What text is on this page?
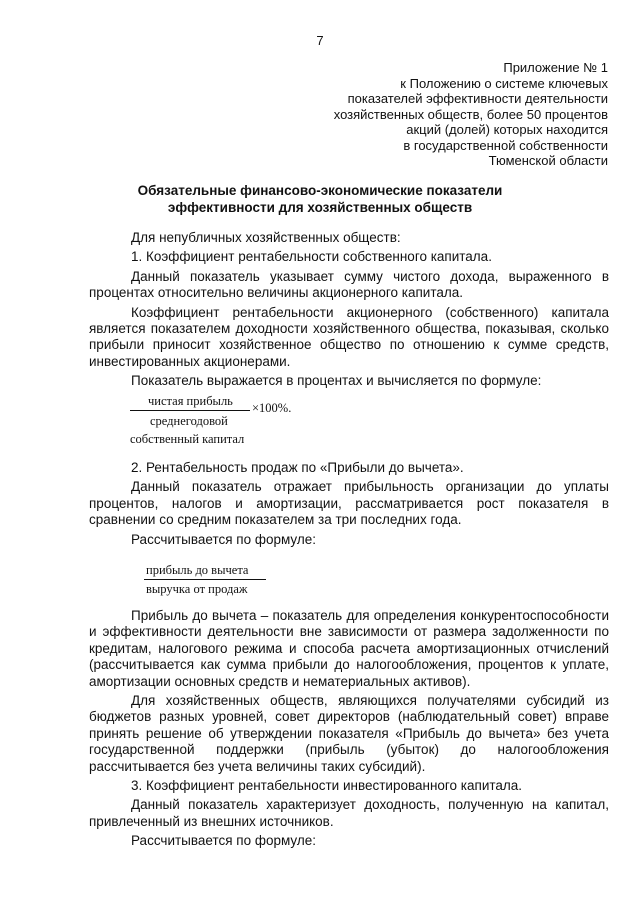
7
Приложение № 1
к Положению о системе ключевых
показателей эффективности деятельности
хозяйственных обществ, более 50 процентов
акций (долей) которых находится
в государственной собственности
Тюменской области
Обязательные финансово-экономические показатели
эффективности для хозяйственных обществ

Для непубличных хозяйственных обществ:

1. Коэффициент рентабельности собственного капитала.

Данный показатель указывает сумму чистого дохода, выраженного в процентах относительно величины акционерного капитала.

Коэффициент рентабельности акционерного (собственного) капитала является показателем доходности хозяйственного общества, показывая, сколько прибыли приносит хозяйственное общество по отношению к сумме средств, инвестированных акционерами.

Показатель выражается в процентах и вычисляется по формуле:

чистая прибыль ×100%.
среднегодовой
собственный капитал

2. Рентабельность продаж по «Прибыли до вычета».

Данный показатель отражает прибыльность организации до уплаты процентов, налогов и амортизации, рассматривается рост показателя в сравнении со средним показателем за три последних года.

Рассчитывается по формуле:

прибыль до вычета
выручка от продаж

Прибыль до вычета – показатель для определения конкурентоспособности и эффективности деятельности вне зависимости от размера задолженности по кредитам, налогового режима и способа расчета амортизационных отчислений (рассчитывается как сумма прибыли до налогообложения, процентов к уплате, амортизации основных средств и нематериальных активов).

Для хозяйственных обществ, являющихся получателями субсидий из бюджетов разных уровней, совет директоров (наблюдательный совет) вправе принять решение об утверждении показателя «Прибыль до вычета» без учета государственной поддержки (прибыль (убыток) до налогообложения рассчитывается без учета величины таких субсидий).

3. Коэффициент рентабельности инвестированного капитала.

Данный показатель характеризует доходность, полученную на капитал, привлеченный из внешних источников.

Рассчитывается по формуле:
